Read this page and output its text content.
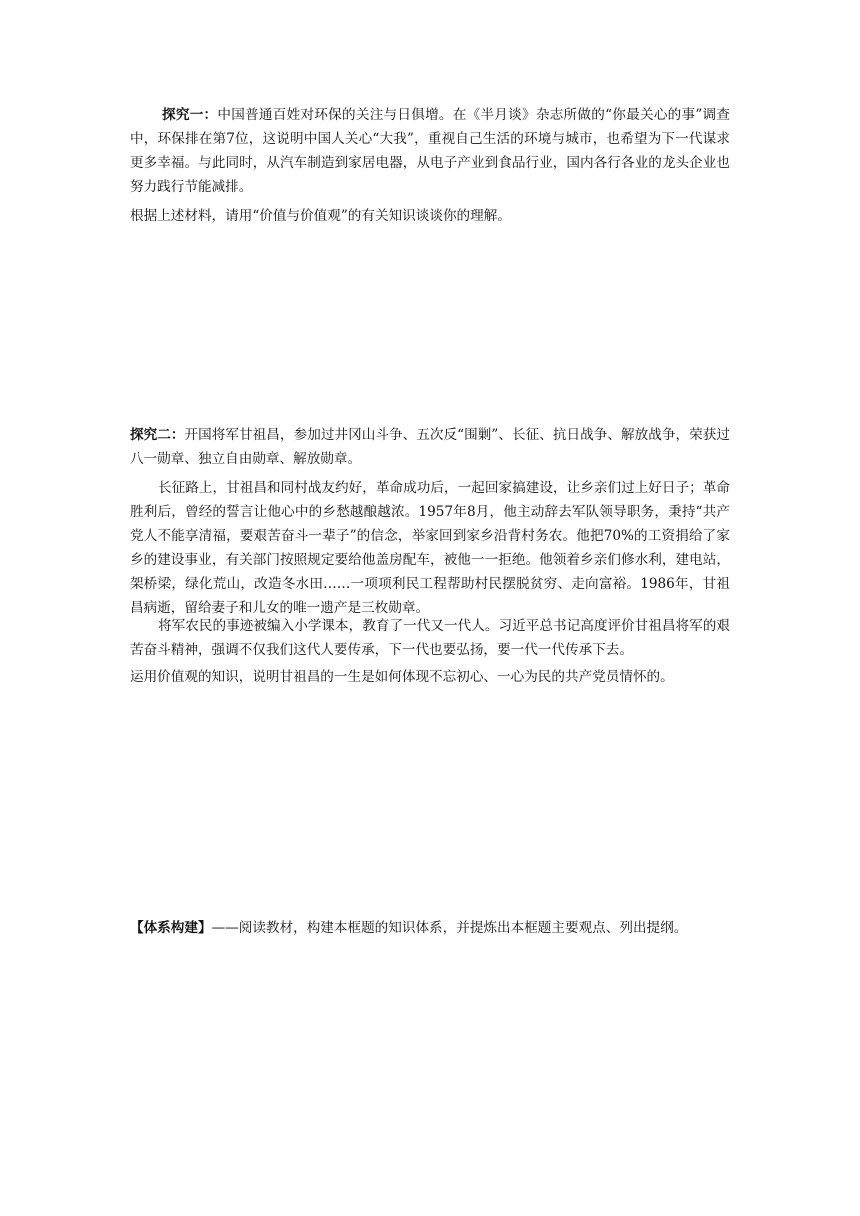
探究一：中国普通百姓对环保的关注与日俱增。在《半月谈》杂志所做的“你最关心的事”调查中，环保排在第7位，这说明中国人关心“大我”，重视自己生活的环境与城市，也希望为下一代谋求更多幸福。与此同时，从汽车制造到家居电器，从电子产业到食品行业，国内各行各业的龙头企业也努力践行节能减排。
根据上述材料，请用“价值与价值观”的有关知识谈谈你的理解。
探究二：开国将军甘祖昌，参加过井冈山斗争、五次反“围剿”、长征、抗日战争、解放战争，荣获过八一勋章、独立自由勋章、解放勋章。
长征路上，甘祖昌和同村战友约好，革命成功后，一起回家搞建设，让乡亲们过上好日子；革命胜利后，曾经的誓言让他心中的乡愁越酿越浓。1957年8月，他主动辞去军队领导职务，秉持“共产党人不能享清福，要艰苦奋斗一辈子”的信念，举家回到家乡沿背村务农。他把70%的工资捐给了家乡的建设事业，有关部门按照规定要给他盖房配车，被他一一拒绝。他领着乡亲们修水利，建电站，架桥梁，绿化荒山，改造冬水田……一项项利民工程帮助村民摆脱贫穷、走向富裕。1986年，甘祖昌病逝，留给妻子和儿女的唯一遗产是三枚勋章。
将军农民的事迹被编入小学课本，教育了一代又一代人。习近平总书记高度评价甘祖昌将军的艰苦奋斗精神，强调不仅我们这代人要传承，下一代也要弘扬，要一代一代传承下去。
运用价值观的知识，说明甘祖昌的一生是如何体现不忘初心、一心为民的共产党员情怀的。
【体系构建】——阅读教材，构建本框题的知识体系，并提炼出本框题主要观点、列出提纲。
